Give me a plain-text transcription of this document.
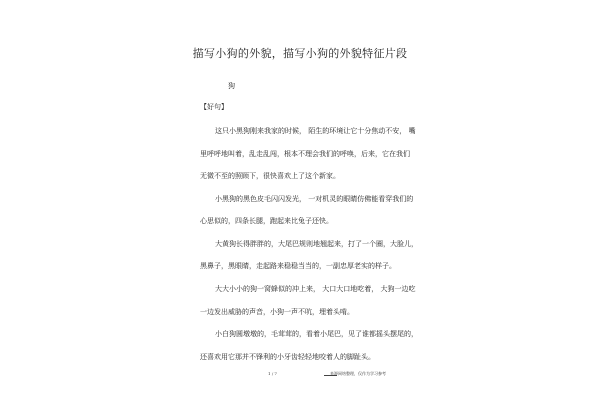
描写小狗的外貌，描写小狗的外貌特征片段
狗
【好句】
这只小黑狗刚来我家的时候， 陌生的环境让它十分焦动不安， 嘴
里呼呼地叫着，乱走乱闯，根本不理会我们的呼唤，后来，它在我们
无微不至的照顾下，很快喜欢上了这个新家。
小黑狗的黑色皮毛闪闪发光， 一对机灵的眼睛仿佛能看穿我们的
心思似的，四条长腿，跑起来比兔子还快。
大黄狗长得胖胖的，大尾巴规则地翘起来，打了一个圈，大脸儿，
黑鼻子，黑眼睛，走起路来稳稳当当的，一副忠厚老实的样子。
大大小小的狗一窝蜂似的冲上来， 大口大口地吃着， 大狗一边吃
一边发出威胁的声音，小狗一声不吭，埋着头啃。
小白狗圆墩墩的，毛茸茸的，看着小尾巴，见了谁都摇头摆尾的，
还喜欢用它那并不锋利的小牙齿轻轻地咬着人的脚趾头。
1 / 7	来源网络整理，仅作为学习参考
